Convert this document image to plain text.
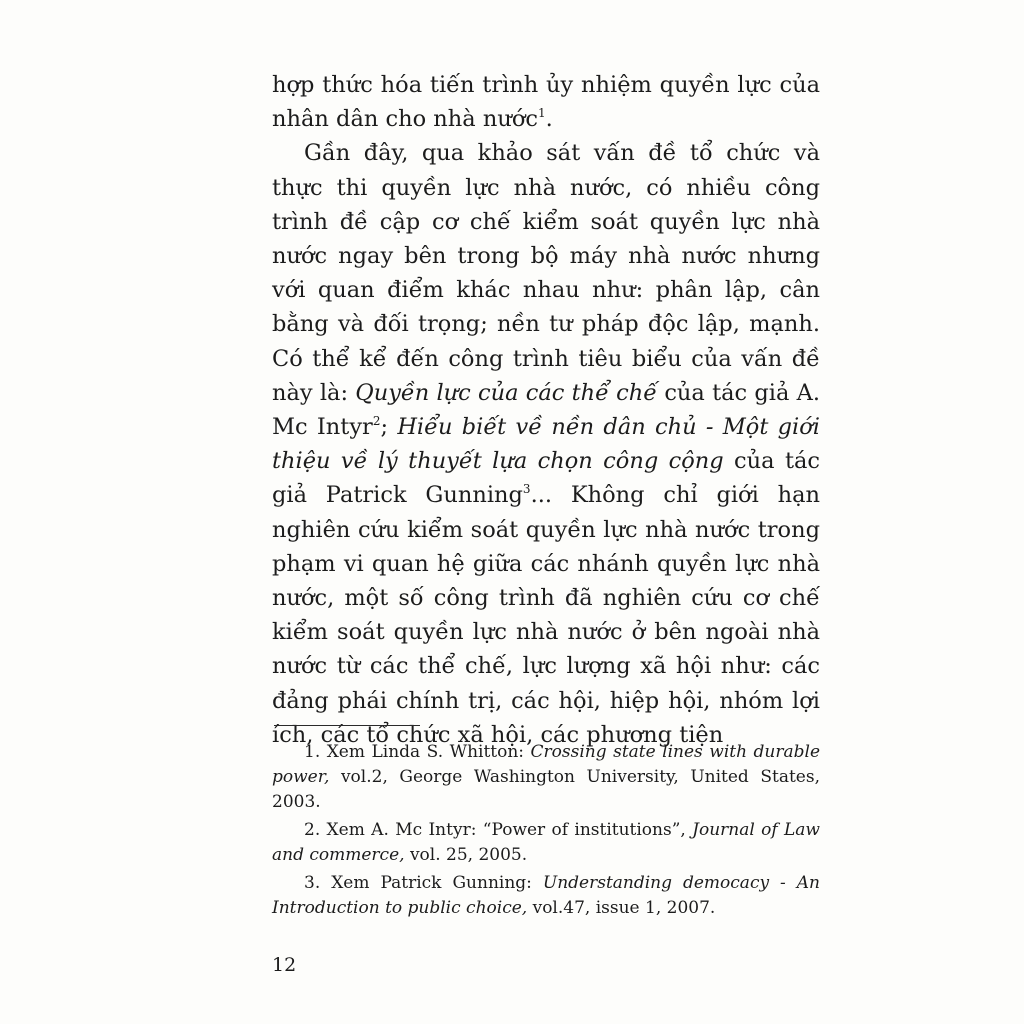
hợp thức hóa tiến trình ủy nhiệm quyền lực của nhân dân cho nhà nước$^1$.

Gần đây, qua khảo sát vấn đề tổ chức và thực thi quyền lực nhà nước, có nhiều công trình đề cập cơ chế kiểm soát quyền lực nhà nước ngay bên trong bộ máy nhà nước nhưng với quan điểm khác nhau như: phân lập, cân bằng và đối trọng; nền tư pháp độc lập, mạnh. Có thể kể đến công trình tiêu biểu của vấn đề này là: Quyền lực của các thể chế của tác giả A. Mc Intyr$^2$; Hiểu biết về nền dân chủ - Một giới thiệu về lý thuyết lựa chọn công cộng của tác giả Patrick Gunning$^3$... Không chỉ giới hạn nghiên cứu kiểm soát quyền lực nhà nước trong phạm vi quan hệ giữa các nhánh quyền lực nhà nước, một số công trình đã nghiên cứu cơ chế kiểm soát quyền lực nhà nước ở bên ngoài nhà nước từ các thể chế, lực lượng xã hội như: các đảng phái chính trị, các hội, hiệp hội, nhóm lợi ích, các tổ chức xã hội, các phương tiện

1. Xem Linda S. Whitton: Crossing state lines with durable power, vol.2, George Washington University, United States, 2003.

2. Xem A. Mc Intyr: “Power of institutions”, Journal of Law and commerce, vol. 25, 2005.

3. Xem Patrick Gunning: Understanding democacy - An Introduction to public choice, vol.47, issue 1, 2007.

12
